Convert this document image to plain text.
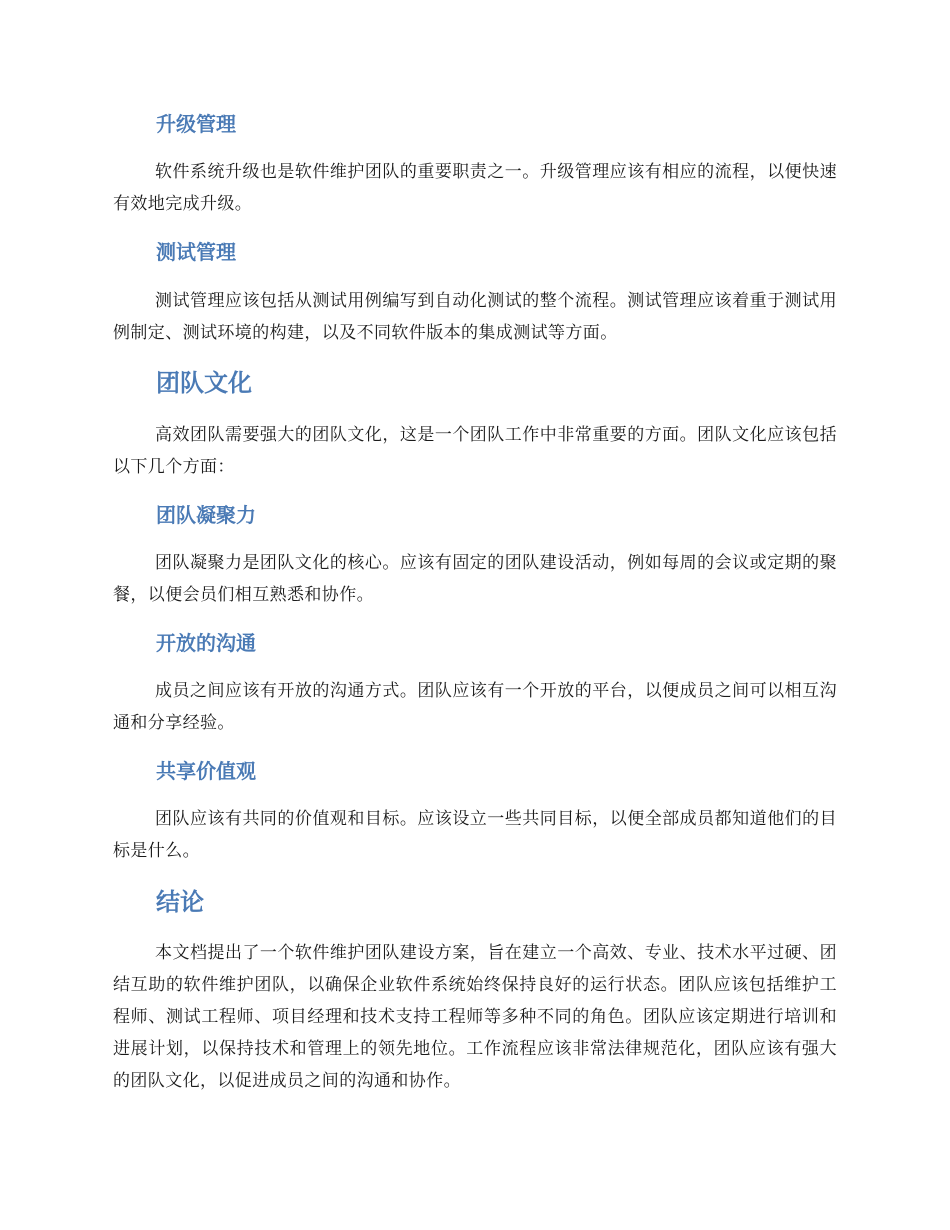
升级管理

软件系统升级也是软件维护团队的重要职责之一。升级管理应该有相应的流程，以便快速有效地完成升级。

测试管理

测试管理应该包括从测试用例编写到自动化测试的整个流程。测试管理应该着重于测试用例制定、测试环境的构建，以及不同软件版本的集成测试等方面。

团队文化

高效团队需要强大的团队文化，这是一个团队工作中非常重要的方面。团队文化应该包括以下几个方面：

团队凝聚力

团队凝聚力是团队文化的核心。应该有固定的团队建设活动，例如每周的会议或定期的聚餐，以便会员们相互熟悉和协作。

开放的沟通

成员之间应该有开放的沟通方式。团队应该有一个开放的平台，以便成员之间可以相互沟通和分享经验。

共享价值观

团队应该有共同的价值观和目标。应该设立一些共同目标，以便全部成员都知道他们的目标是什么。

结论

本文档提出了一个软件维护团队建设方案，旨在建立一个高效、专业、技术水平过硬、团结互助的软件维护团队，以确保企业软件系统始终保持良好的运行状态。团队应该包括维护工程师、测试工程师、项目经理和技术支持工程师等多种不同的角色。团队应该定期进行培训和进展计划，以保持技术和管理上的领先地位。工作流程应该非常法律规范化，团队应该有强大的团队文化，以促进成员之间的沟通和协作。
